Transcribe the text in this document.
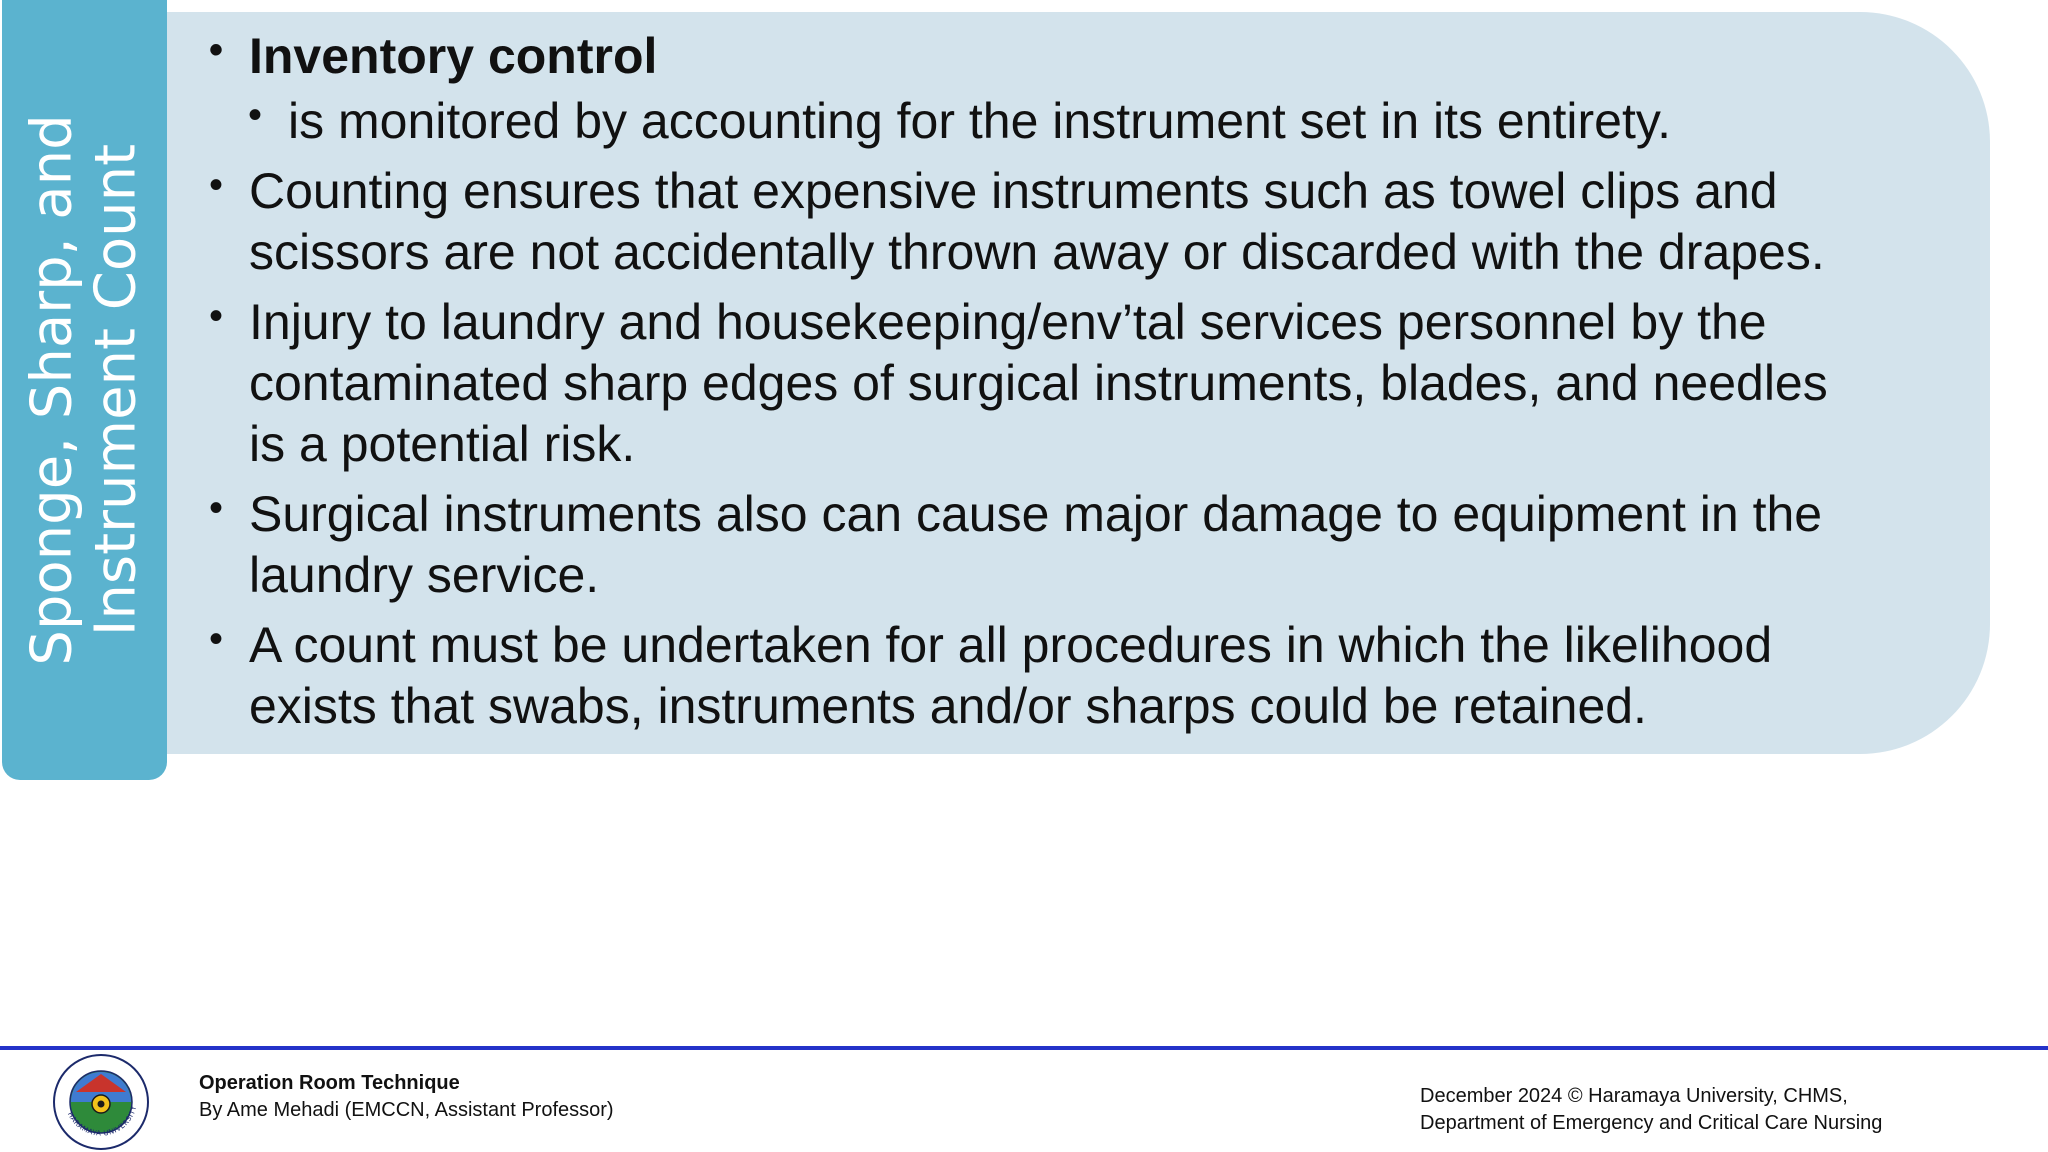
Sponge, Sharp, and Instrument Count
• Inventory control
• is monitored by accounting for the instrument set in its entirety.
• Counting ensures that expensive instruments such as towel clips and scissors are not accidentally thrown away or discarded with the drapes.
• Injury to laundry and housekeeping/env’tal services personnel by the contaminated sharp edges of surgical instruments, blades, and needles is a potential risk.
• Surgical instruments also can cause major damage to equipment in the laundry service.
• A count must be undertaken for all procedures in which the likelihood exists that swabs, instruments and/or sharps could be retained.
HARAMAYA UNIVERSITY
Operation Room Technique
By Ame Mehadi (EMCCN, Assistant Professor)
December 2024 © Haramaya University, CHMS,
Department of Emergency and Critical Care Nursing
